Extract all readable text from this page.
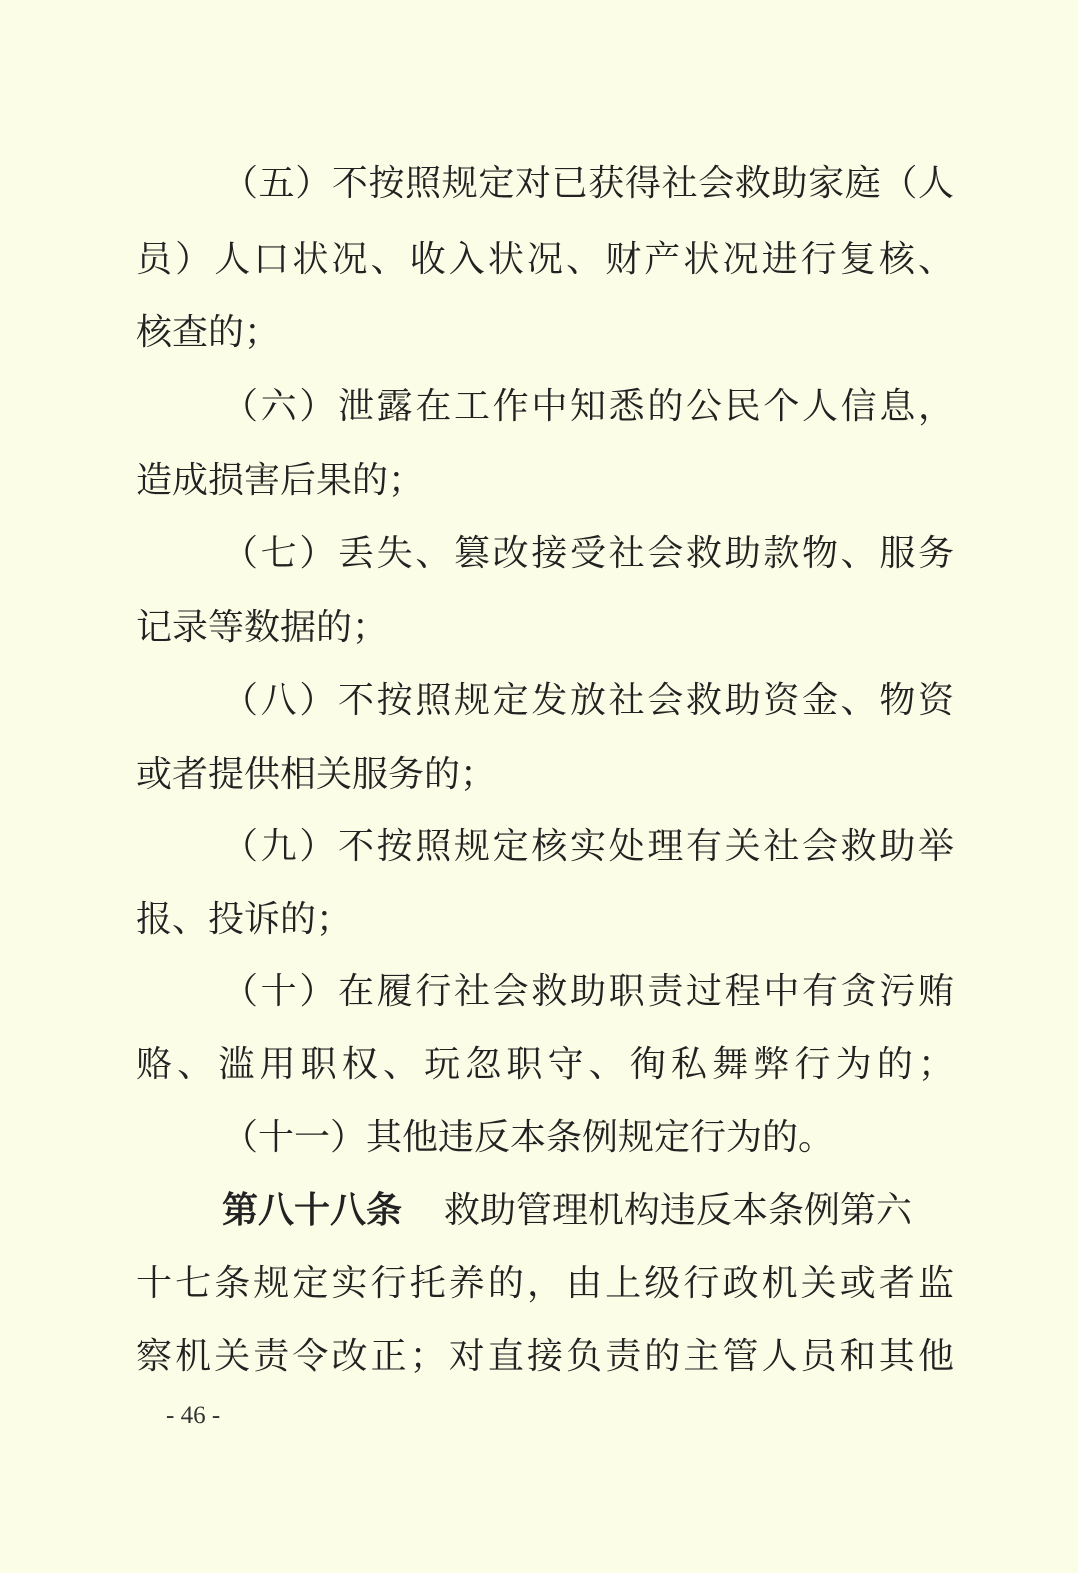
（五）不按照规定对已获得社会救助家庭（人
员）人口状况、收入状况、财产状况进行复核、
核查的；
（六）泄露在工作中知悉的公民个人信息，
造成损害后果的；
（七）丢失、篡改接受社会救助款物、服务
记录等数据的；
（八）不按照规定发放社会救助资金、物资
或者提供相关服务的；
（九）不按照规定核实处理有关社会救助举
报、投诉的；
（十）在履行社会救助职责过程中有贪污贿
赂、滥用职权、玩忽职守、徇私舞弊行为的；
（十一）其他违反本条例规定行为的。
第八十八条 救助管理机构违反本条例第六
十七条规定实行托养的，由上级行政机关或者监
察机关责令改正；对直接负责的主管人员和其他
- 46 -
